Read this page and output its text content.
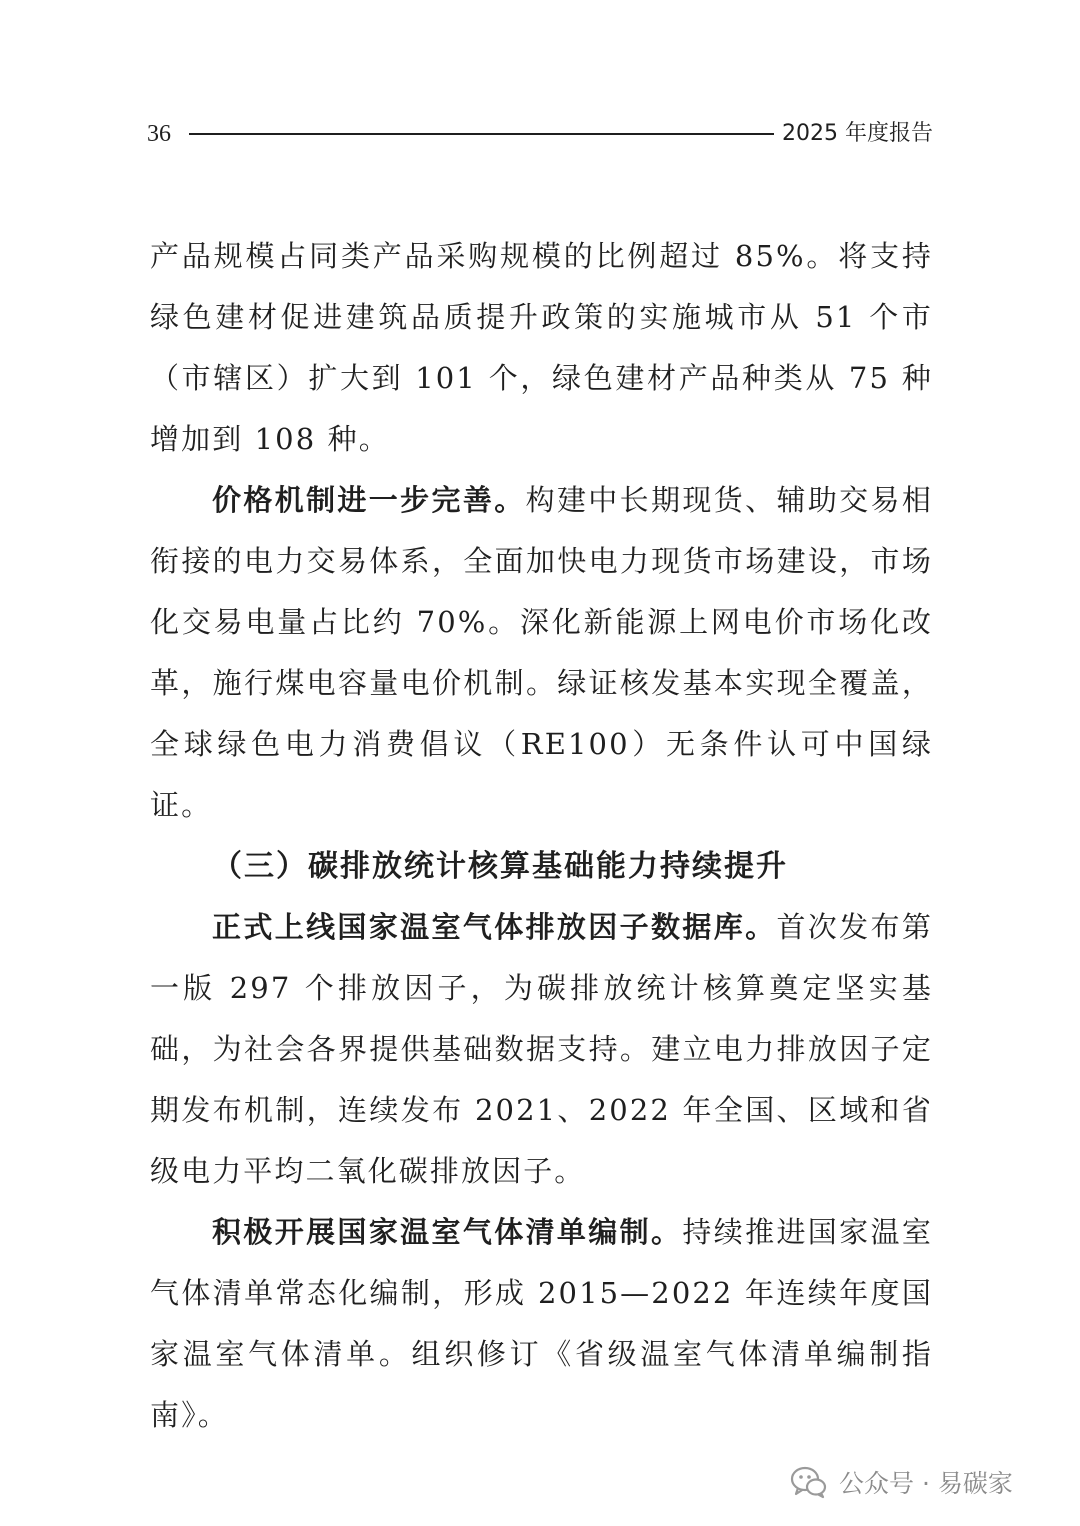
36	2025 年度报告

产品规模占同类产品采购规模的比例超过 85%。将支持绿色建材促进建筑品质提升政策的实施城市从 51 个市（市辖区）扩大到 101 个，绿色建材产品种类从 75 种增加到 108 种。

价格机制进一步完善。构建中长期现货、辅助交易相衔接的电力交易体系，全面加快电力现货市场建设，市场化交易电量占比约 70%。深化新能源上网电价市场化改革，施行煤电容量电价机制。绿证核发基本实现全覆盖，全球绿色电力消费倡议（RE100）无条件认可中国绿证。

（三）碳排放统计核算基础能力持续提升

正式上线国家温室气体排放因子数据库。首次发布第一版 297 个排放因子，为碳排放统计核算奠定坚实基础，为社会各界提供基础数据支持。建立电力排放因子定期发布机制，连续发布 2021、2022 年全国、区域和省级电力平均二氧化碳排放因子。

积极开展国家温室气体清单编制。持续推进国家温室气体清单常态化编制，形成 2015—2022 年连续年度国家温室气体清单。组织修订《省级温室气体清单编制指南》。

公众号 · 易碳家
